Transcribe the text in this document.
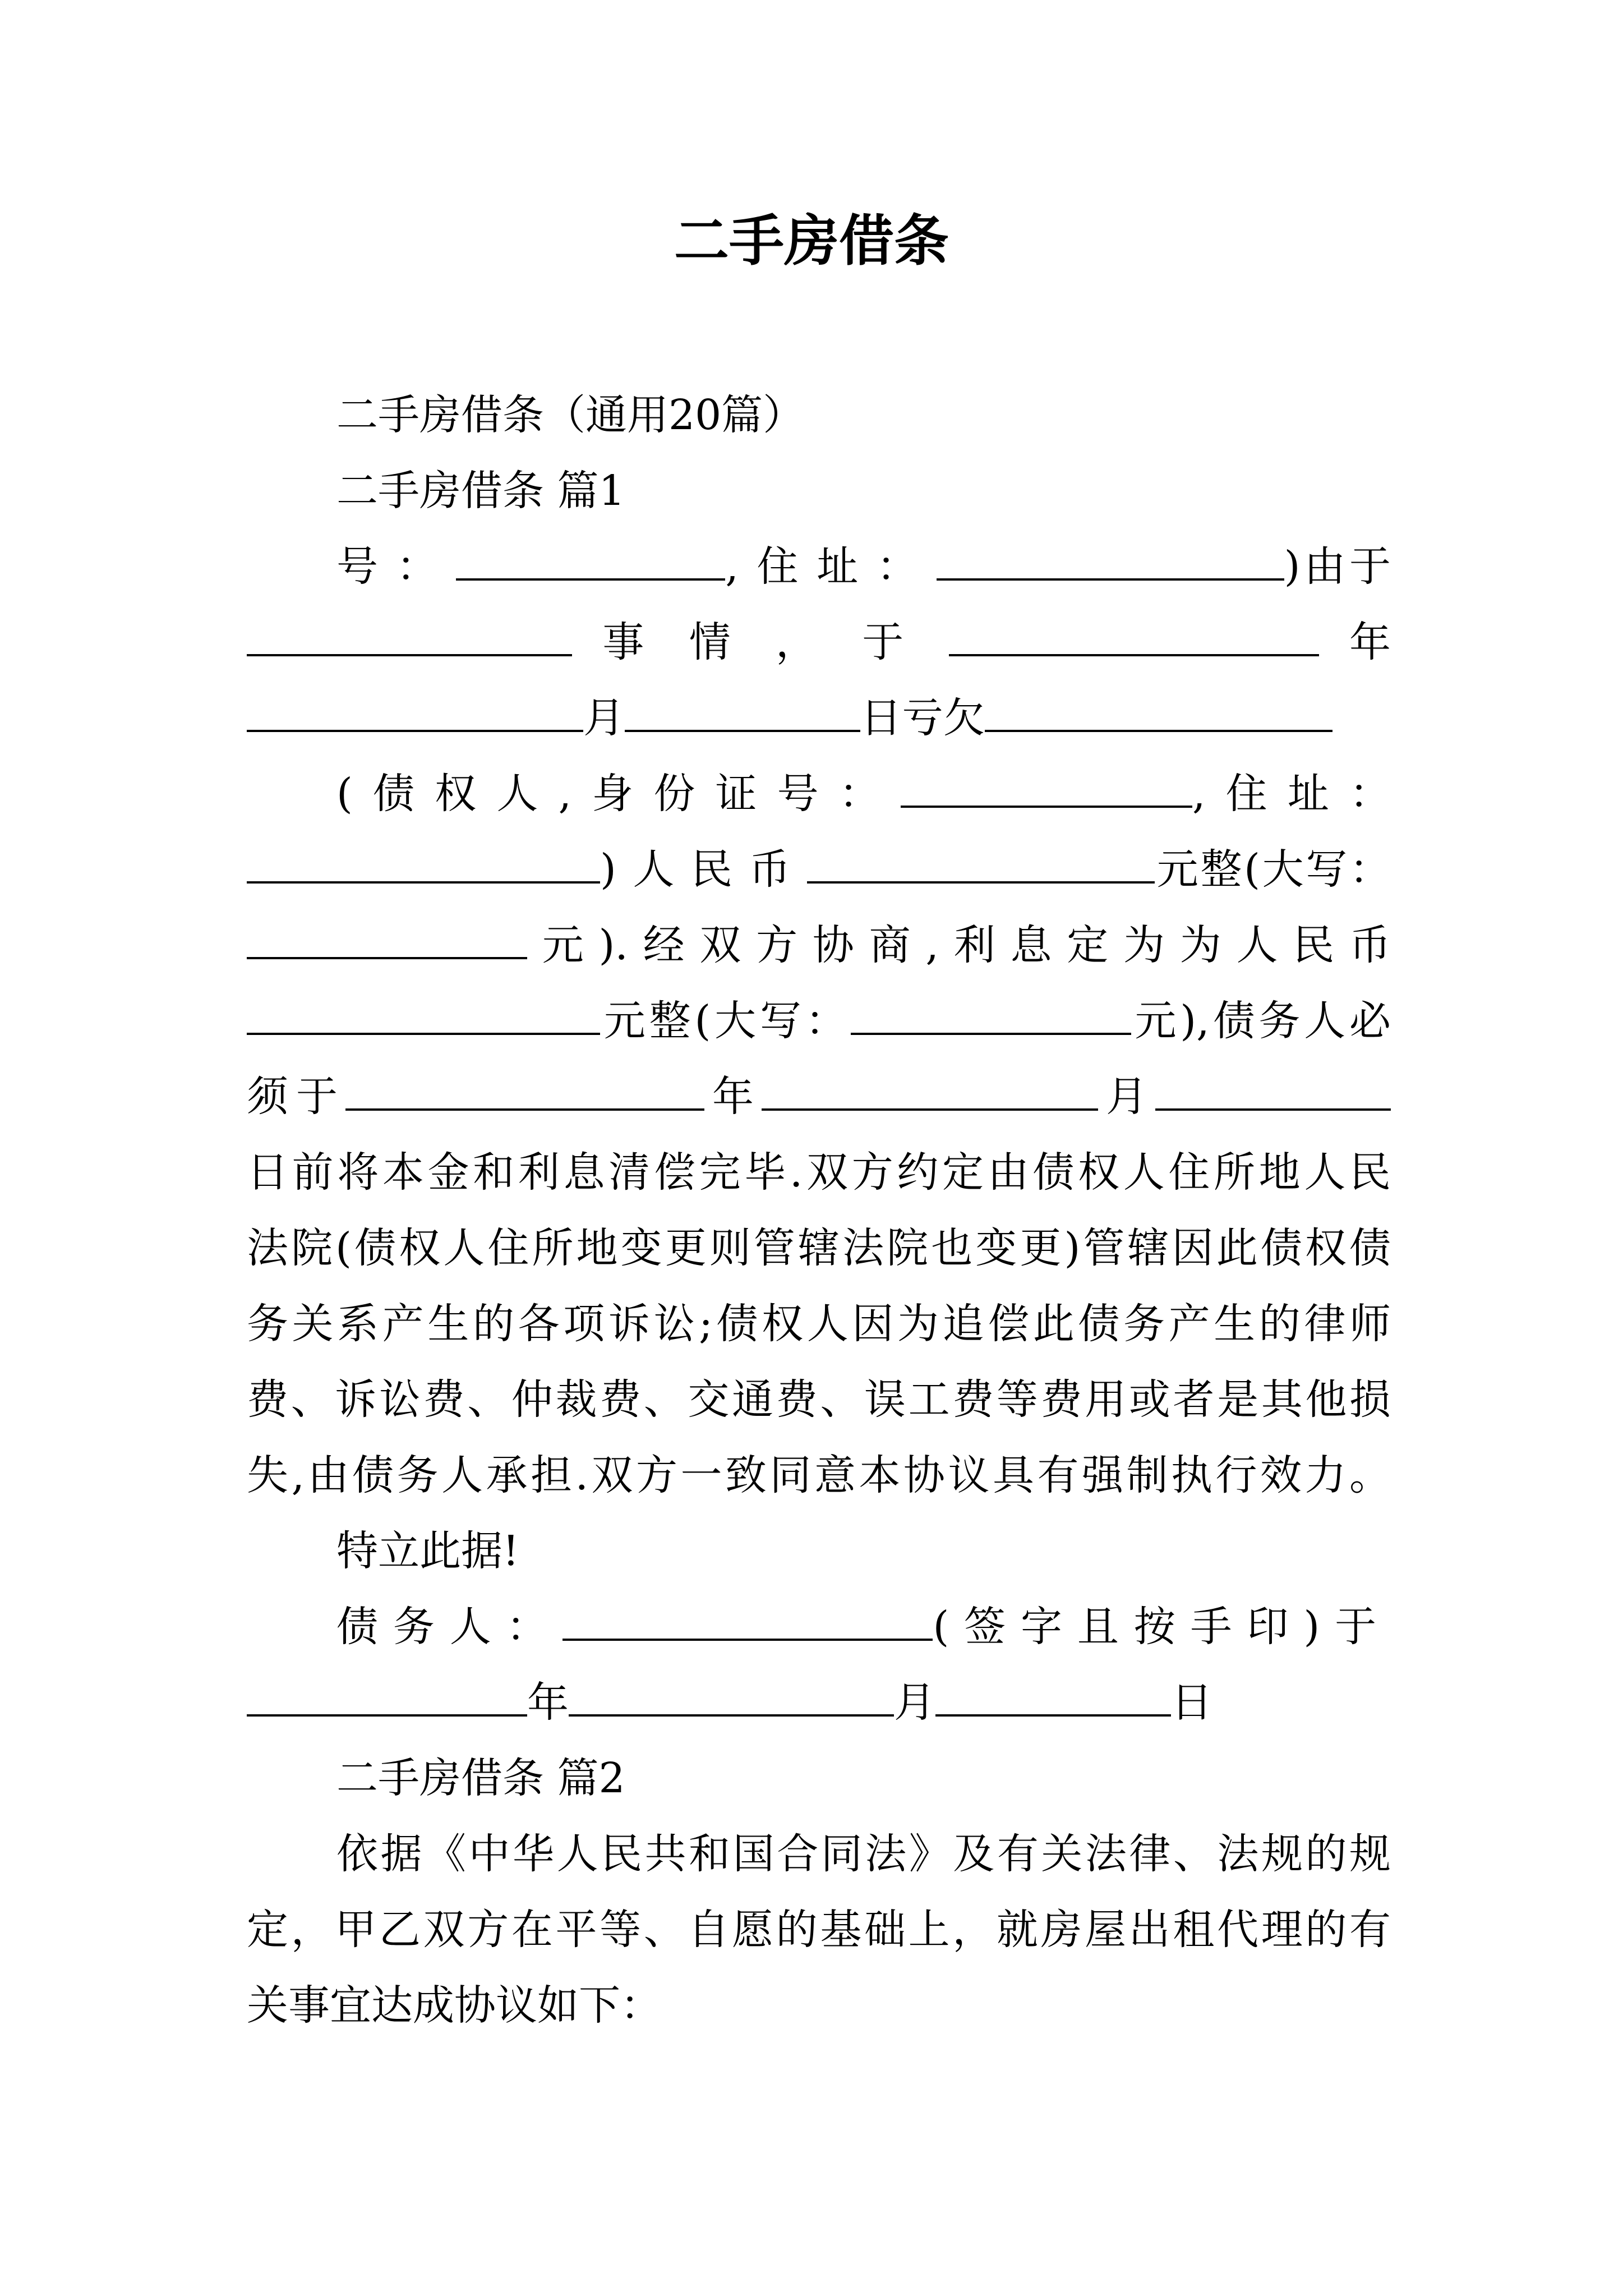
二手房借条
二手房借条（通用20篇）
二手房借条 篇1
号：	,住址：	)由于
事情，于	年
月	日亏欠
(债权人,身份证号：	,住址：
)人民币	元整(大写：
元).经双方协商,利息定为为人民币
元整(大写：	元),债务人必
须于	年	月
日前将本金和利息清偿完毕.双方约定由债权人住所地人民
法院(债权人住所地变更则管辖法院也变更)管辖因此债权债
务关系产生的各项诉讼;债权人因为追偿此债务产生的律师
费、诉讼费、仲裁费、交通费、误工费等费用或者是其他损
失,由债务人承担.双方一致同意本协议具有强制执行效力。
特立此据!
债务人：	(签字且按手印)于
年	月	日
二手房借条 篇2
依据《中华人民共和国合同法》及有关法律、法规的规
定，甲乙双方在平等、自愿的基础上，就房屋出租代理的有
关事宜达成协议如下：
